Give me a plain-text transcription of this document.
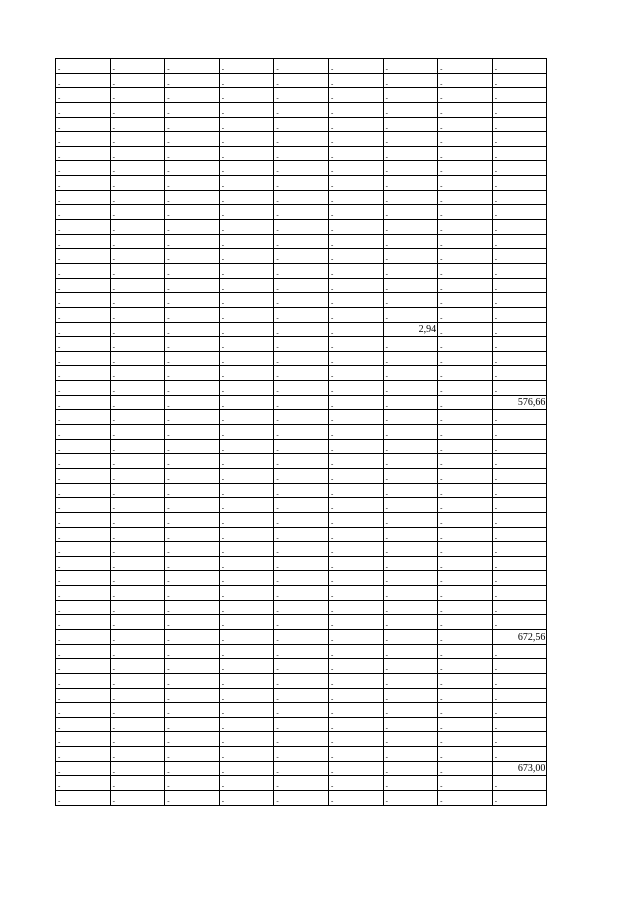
-	-	-	-	-	-	-	-	-

-	-	-	-	-	-	-	-	-

-	-	-	-	-	-	-	-	-

-	-	-	-	-	-	-	-	-

-	-	-	-	-	-	-	-	-

-	-	-	-	-	-	-	-	-

-	-	-	-	-	-	-	-	-

-	-	-	-	-	-	-	-	-

-	-	-	-	-	-	-	-	-

-	-	-	-	-	-	-	-	-

-	-	-	-	-	-	-	-	-

-	-	-	-	-	-	-	-	-

-	-	-	-	-	-	-	-	-

-	-	-	-	-	-	-	-	-

-	-	-	-	-	-	-	-	-

-	-	-	-	-	-	-	-	-

-	-	-	-	-	-	-	-	-

-	-	-	-	-	-	-	-	-

-	-	-	-	-	-	2,94	-	-

-	-	-	-	-	-	-	-	-

-	-	-	-	-	-	-	-	-

-	-	-	-	-	-	-	-	-

-	-	-	-	-	-	-	-	-

-	-	-	-	-	-	-	-	576,66

-	-	-	-	-	-	-	-	-

-	-	-	-	-	-	-	-	-

-	-	-	-	-	-	-	-	-

-	-	-	-	-	-	-	-	-

-	-	-	-	-	-	-	-	-

-	-	-	-	-	-	-	-	-

-	-	-	-	-	-	-	-	-

-	-	-	-	-	-	-	-	-

-	-	-	-	-	-	-	-	-

-	-	-	-	-	-	-	-	-

-	-	-	-	-	-	-	-	-

-	-	-	-	-	-	-	-	-

-	-	-	-	-	-	-	-	-

-	-	-	-	-	-	-	-	-

-	-	-	-	-	-	-	-	-

-	-	-	-	-	-	-	-	672,56

-	-	-	-	-	-	-	-	-

-	-	-	-	-	-	-	-	-

-	-	-	-	-	-	-	-	-

-	-	-	-	-	-	-	-	-

-	-	-	-	-	-	-	-	-

-	-	-	-	-	-	-	-	-

-	-	-	-	-	-	-	-	-

-	-	-	-	-	-	-	-	-

-	-	-	-	-	-	-	-	673,00

-	-	-	-	-	-	-	-	-

-	-	-	-	-	-	-	-	-
